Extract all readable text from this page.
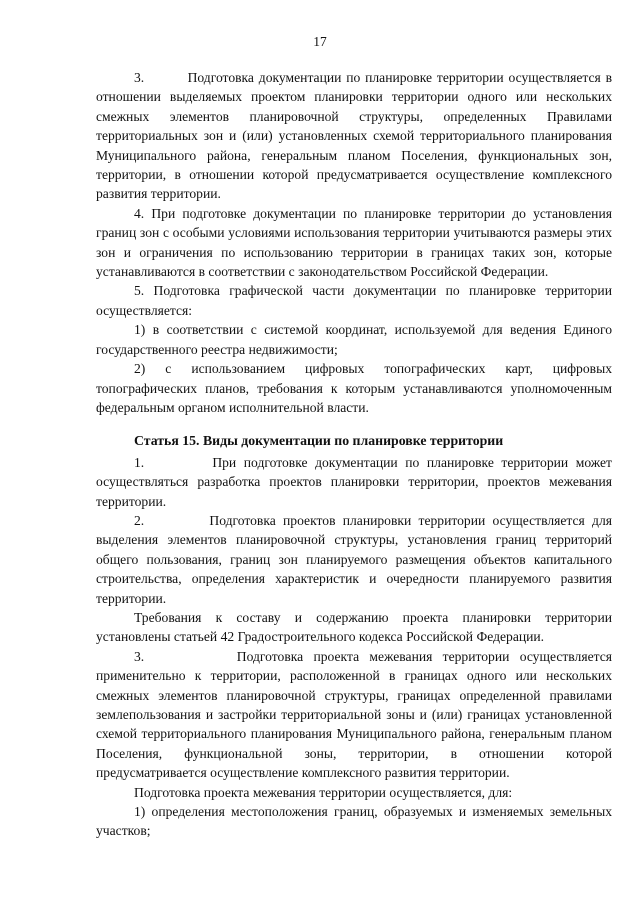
17

3.         Подготовка документации по планировке территории осуществляется в отношении выделяемых проектом планировки территории одного или нескольких смежных элементов планировочной структуры, определенных Правилами территориальных зон и (или) установленных схемой территориального планирования Муниципального района, генеральным планом Поселения, функциональных зон, территории, в отношении которой предусматривается осуществление комплексного развития территории.

4. При подготовке документации по планировке территории до установления границ зон с особыми условиями использования территории учитываются размеры этих зон и ограничения по использованию территории в границах таких зон, которые устанавливаются в соответствии с законодательством Российской Федерации.

5. Подготовка графической части документации по планировке территории осуществляется:

1) в соответствии с системой координат, используемой для ведения Единого государственного реестра недвижимости;

2) с использованием цифровых топографических карт, цифровых топографических планов, требования к которым устанавливаются уполномоченным федеральным органом исполнительной власти.

Статья 15. Виды документации по планировке территории

1.         При подготовке документации по планировке территории может осуществляться разработка проектов планировки территории, проектов межевания территории.

2.         Подготовка проектов планировки территории осуществляется для выделения элементов планировочной структуры, установления границ территорий общего пользования, границ зон планируемого размещения объектов капитального строительства, определения характеристик и очередности планируемого развития территории.

Требования к составу и содержанию проекта планировки территории установлены статьей 42 Градостроительного кодекса Российской Федерации.

3.         Подготовка проекта межевания территории осуществляется применительно к территории, расположенной в границах одного или нескольких смежных элементов планировочной структуры, границах определенной правилами землепользования и застройки территориальной зоны и (или) границах установленной схемой территориального планирования Муниципального района, генеральным планом Поселения, функциональной зоны, территории, в отношении которой предусматривается осуществление комплексного развития территории.

Подготовка проекта межевания территории осуществляется, для:

1) определения местоположения границ, образуемых и изменяемых земельных участков;
